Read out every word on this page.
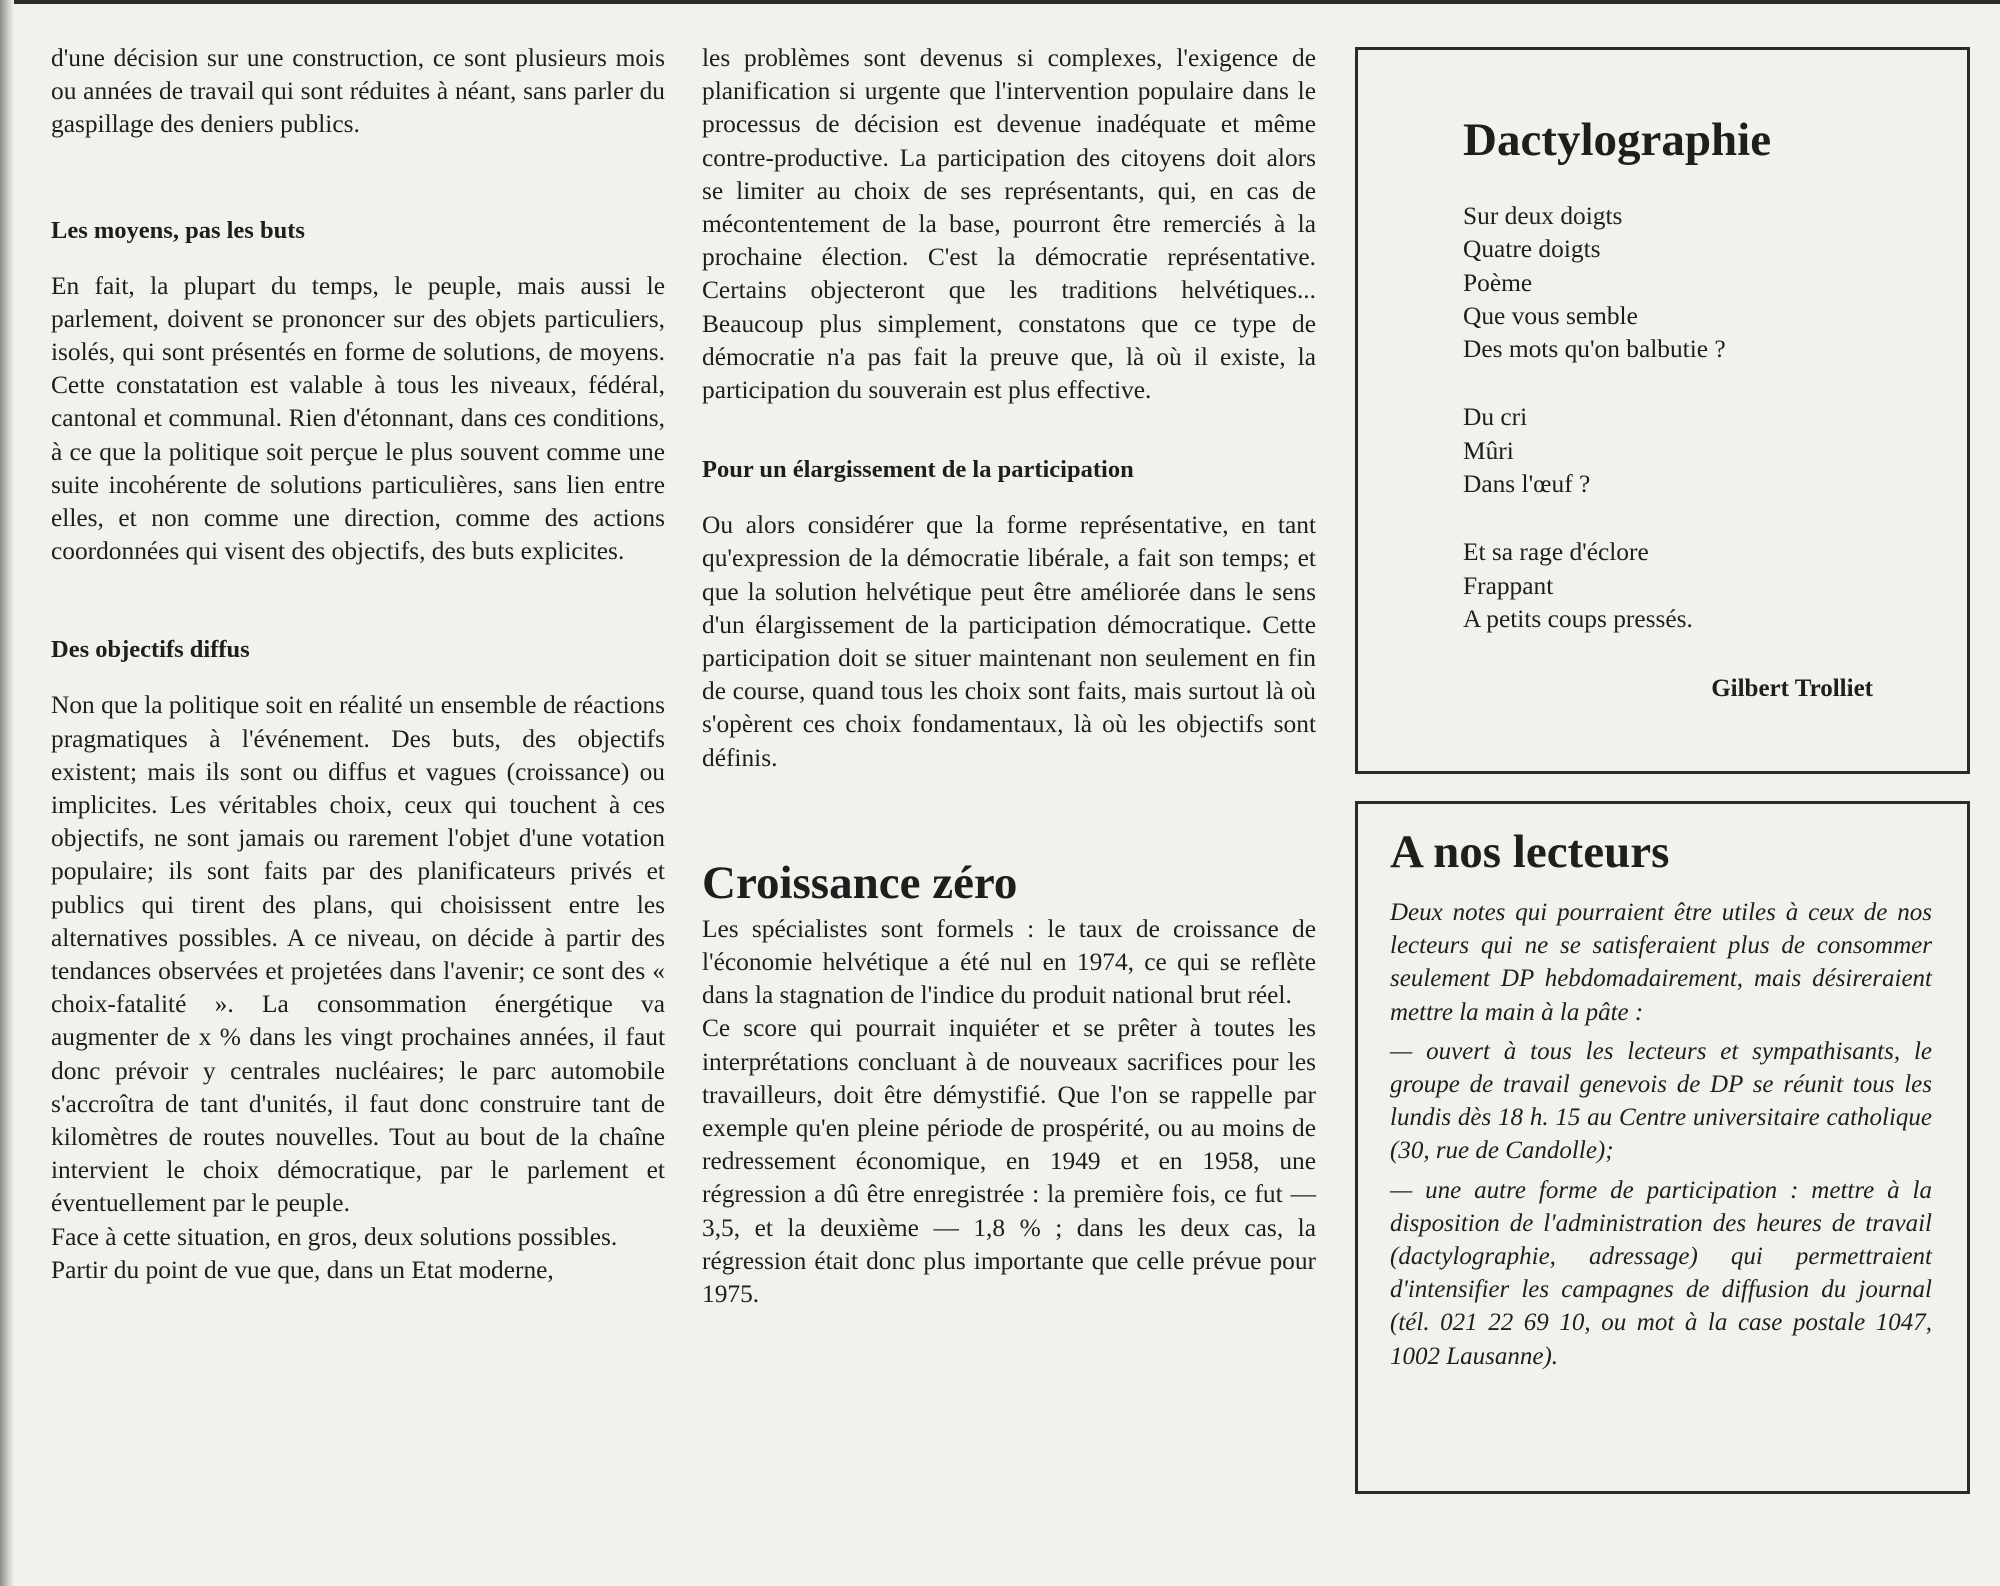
d'une décision sur une construction, ce sont plusieurs mois ou années de travail qui sont réduites à néant, sans parler du gaspillage des deniers publics.

Les moyens, pas les buts

En fait, la plupart du temps, le peuple, mais aussi le parlement, doivent se prononcer sur des objets particuliers, isolés, qui sont présentés en forme de solutions, de moyens. Cette constatation est valable à tous les niveaux, fédéral, cantonal et communal. Rien d'étonnant, dans ces conditions, à ce que la politique soit perçue le plus souvent comme une suite incohérente de solutions particulières, sans lien entre elles, et non comme une direction, comme des actions coordonnées qui visent des objectifs, des buts explicites.

Des objectifs diffus

Non que la politique soit en réalité un ensemble de réactions pragmatiques à l'événement. Des buts, des objectifs existent; mais ils sont ou diffus et vagues (croissance) ou implicites. Les véritables choix, ceux qui touchent à ces objectifs, ne sont jamais ou rarement l'objet d'une votation populaire; ils sont faits par des planificateurs privés et publics qui tirent des plans, qui choisissent entre les alternatives possibles. A ce niveau, on décide à partir des tendances observées et projetées dans l'avenir; ce sont des « choix-fatalité ». La consommation énergétique va augmenter de x % dans les vingt prochaines années, il faut donc prévoir y centrales nucléaires; le parc automobile s'accroîtra de tant d'unités, il faut donc construire tant de kilomètres de routes nouvelles. Tout au bout de la chaîne intervient le choix démocratique, par le parlement et éventuellement par le peuple.

Face à cette situation, en gros, deux solutions possibles.

Partir du point de vue que, dans un Etat moderne,

les problèmes sont devenus si complexes, l'exigence de planification si urgente que l'intervention populaire dans le processus de décision est devenue inadéquate et même contre-productive. La participation des citoyens doit alors se limiter au choix de ses représentants, qui, en cas de mécontentement de la base, pourront être remerciés à la prochaine élection. C'est la démocratie représentative. Certains objecteront que les traditions helvétiques... Beaucoup plus simplement, constatons que ce type de démocratie n'a pas fait la preuve que, là où il existe, la participation du souverain est plus effective.

Pour un élargissement de la participation

Ou alors considérer que la forme représentative, en tant qu'expression de la démocratie libérale, a fait son temps; et que la solution helvétique peut être améliorée dans le sens d'un élargissement de la participation démocratique. Cette participation doit se situer maintenant non seulement en fin de course, quand tous les choix sont faits, mais surtout là où s'opèrent ces choix fondamentaux, là où les objectifs sont définis.

Croissance zéro

Les spécialistes sont formels : le taux de croissance de l'économie helvétique a été nul en 1974, ce qui se reflète dans la stagnation de l'indice du produit national brut réel.

Ce score qui pourrait inquiéter et se prêter à toutes les interprétations concluant à de nouveaux sacrifices pour les travailleurs, doit être démystifié. Que l'on se rappelle par exemple qu'en pleine période de prospérité, ou au moins de redressement économique, en 1949 et en 1958, une régression a dû être enregistrée : la première fois, ce fut — 3,5, et la deuxième — 1,8 % ; dans les deux cas, la régression était donc plus importante que celle prévue pour 1975.

Dactylographie
Sur deux doigts
Quatre doigts
Poème
Que vous semble
Des mots qu'on balbutie ?
Du cri
Mûri
Dans l'œuf ?
Et sa rage d'éclore
Frappant
A petits coups pressés.
Gilbert Trolliet
A nos lecteurs

Deux notes qui pourraient être utiles à ceux de nos lecteurs qui ne se satisferaient plus de consommer seulement DP hebdomadairement, mais désireraient mettre la main à la pâte :

— ouvert à tous les lecteurs et sympathisants, le groupe de travail genevois de DP se réunit tous les lundis dès 18 h. 15 au Centre universitaire catholique (30, rue de Candolle);

— une autre forme de participation : mettre à la disposition de l'administration des heures de travail (dactylographie, adressage) qui permettraient d'intensifier les campagnes de diffusion du journal (tél. 021 22 69 10, ou mot à la case postale 1047, 1002 Lausanne).
